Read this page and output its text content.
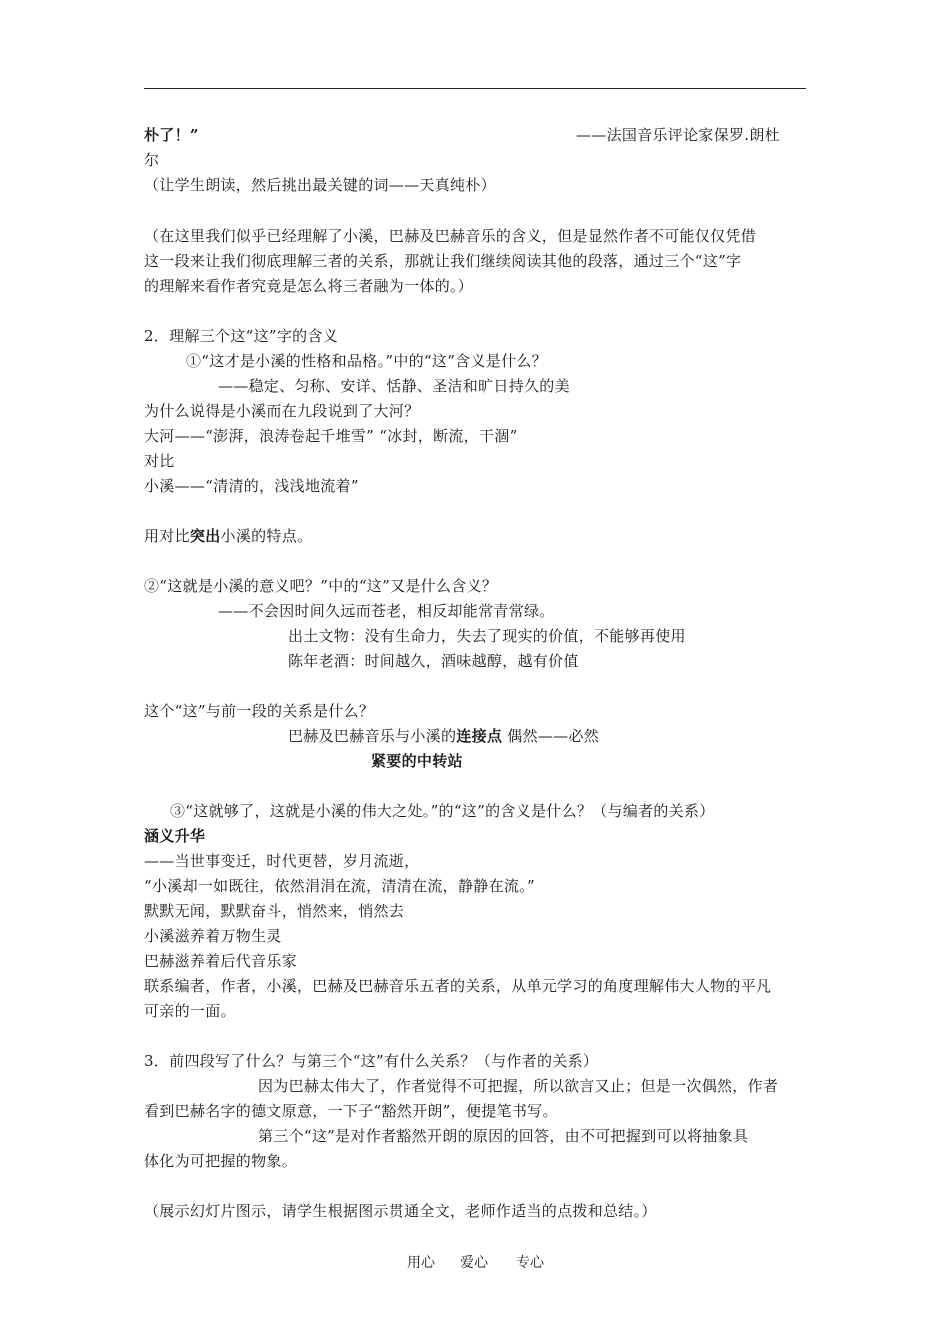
朴了！”	——法国音乐评论家保罗.朗杜
尔
（让学生朗读，然后挑出最关键的词——天真纯朴）
（在这里我们似乎已经理解了小溪，巴赫及巴赫音乐的含义，但是显然作者不可能仅仅凭借
这一段来让我们彻底理解三者的关系，那就让我们继续阅读其他的段落，通过三个“这”字
的理解来看作者究竟是怎么将三者融为一体的。）
2．理解三个这“这”字的含义
①“这才是小溪的性格和品格。”中的“这”含义是什么？
——稳定、匀称、安详、恬静、圣洁和旷日持久的美
为什么说得是小溪而在九段说到了大河？
大河——“澎湃，浪涛卷起千堆雪” “冰封，断流，干涸”
对比
小溪——“清清的，浅浅地流着”
用对比突出小溪的特点。
②“这就是小溪的意义吧？”中的“这”又是什么含义？
——不会因时间久远而苍老，相反却能常青常绿。
出土文物：没有生命力，失去了现实的价值，不能够再使用
陈年老酒：时间越久，酒味越醇，越有价值
这个“这”与前一段的关系是什么？
巴赫及巴赫音乐与小溪的连接点 偶然——必然
紧要的中转站
③“这就够了，这就是小溪的伟大之处。”的“这”的含义是什么？（与编者的关系）
涵义升华
——当世事变迁，时代更替，岁月流逝，
“小溪却一如既往，依然涓涓在流，清清在流，静静在流。”
默默无闻，默默奋斗，悄然来，悄然去
小溪滋养着万物生灵
巴赫滋养着后代音乐家
联系编者，作者，小溪，巴赫及巴赫音乐五者的关系，从单元学习的角度理解伟大人物的平凡
可亲的一面。
3．前四段写了什么？与第三个“这”有什么关系？（与作者的关系）
因为巴赫太伟大了，作者觉得不可把握，所以欲言又止；但是一次偶然，作者
看到巴赫名字的德文原意，一下子“豁然开朗”，便提笔书写。
第三个“这”是对作者豁然开朗的原因的回答，由不可把握到可以将抽象具
体化为可把握的物象。
（展示幻灯片图示，请学生根据图示贯通全文，老师作适当的点拨和总结。）
用心 爱心 专心
